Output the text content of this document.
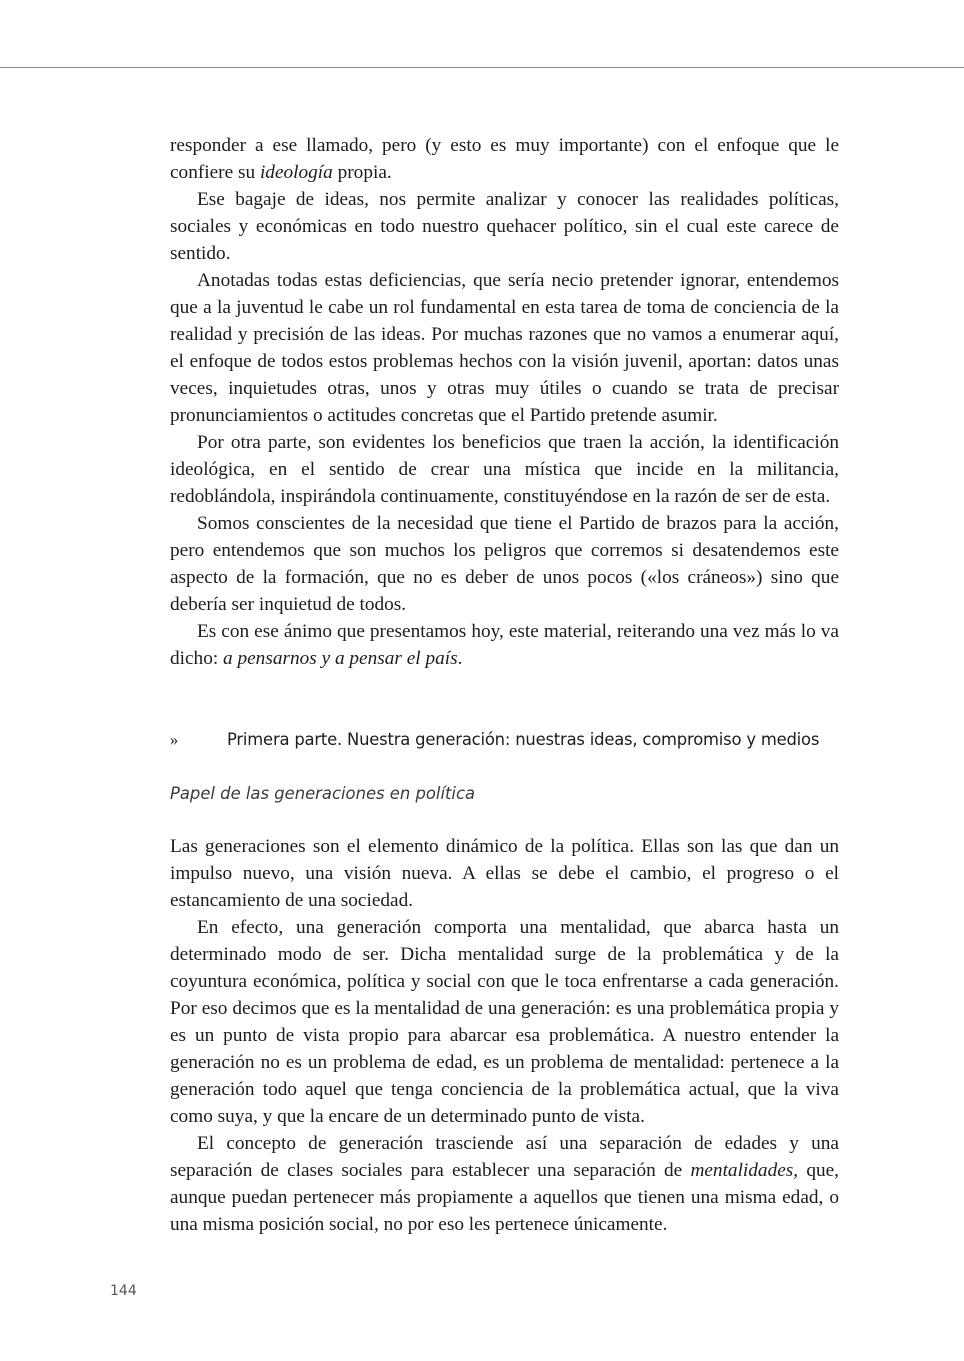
responder a ese llamado, pero (y esto es muy importante) con el enfoque que le confiere su ideología propia.

Ese bagaje de ideas, nos permite analizar y conocer las realidades políticas, sociales y económicas en todo nuestro quehacer político, sin el cual este carece de sentido.

Anotadas todas estas deficiencias, que sería necio pretender ignorar, entendemos que a la juventud le cabe un rol fundamental en esta tarea de toma de conciencia de la realidad y precisión de las ideas. Por muchas razones que no vamos a enumerar aquí, el enfoque de todos estos problemas hechos con la visión juvenil, aportan: datos unas veces, inquietudes otras, unos y otras muy útiles o cuando se trata de precisar pronunciamientos o actitudes concretas que el Partido pretende asumir.

Por otra parte, son evidentes los beneficios que traen la acción, la identificación ideológica, en el sentido de crear una mística que incide en la militancia, redoblándola, inspirándola continuamente, constituyéndose en la razón de ser de esta.

Somos conscientes de la necesidad que tiene el Partido de brazos para la acción, pero entendemos que son muchos los peligros que corremos si desatendemos este aspecto de la formación, que no es deber de unos pocos («los cráneos») sino que debería ser inquietud de todos.

Es con ese ánimo que presentamos hoy, este material, reiterando una vez más lo va dicho: a pensarnos y a pensar el país.

»	Primera parte. Nuestra generación: nuestras ideas, compromiso y medios
Papel de las generaciones en política

Las generaciones son el elemento dinámico de la política. Ellas son las que dan un impulso nuevo, una visión nueva. A ellas se debe el cambio, el progreso o el estancamiento de una sociedad.

En efecto, una generación comporta una mentalidad, que abarca hasta un determinado modo de ser. Dicha mentalidad surge de la problemática y de la coyuntura económica, política y social con que le toca enfrentarse a cada generación. Por eso decimos que es la mentalidad de una generación: es una problemática propia y es un punto de vista propio para abarcar esa problemática. A nuestro entender la generación no es un problema de edad, es un problema de mentalidad: pertenece a la generación todo aquel que tenga conciencia de la problemática actual, que la viva como suya, y que la encare de un determinado punto de vista.

El concepto de generación trasciende así una separación de edades y una separación de clases sociales para establecer una separación de mentalidades, que, aunque puedan pertenecer más propiamente a aquellos que tienen una misma edad, o una misma posición social, no por eso les pertenece únicamente.

144
